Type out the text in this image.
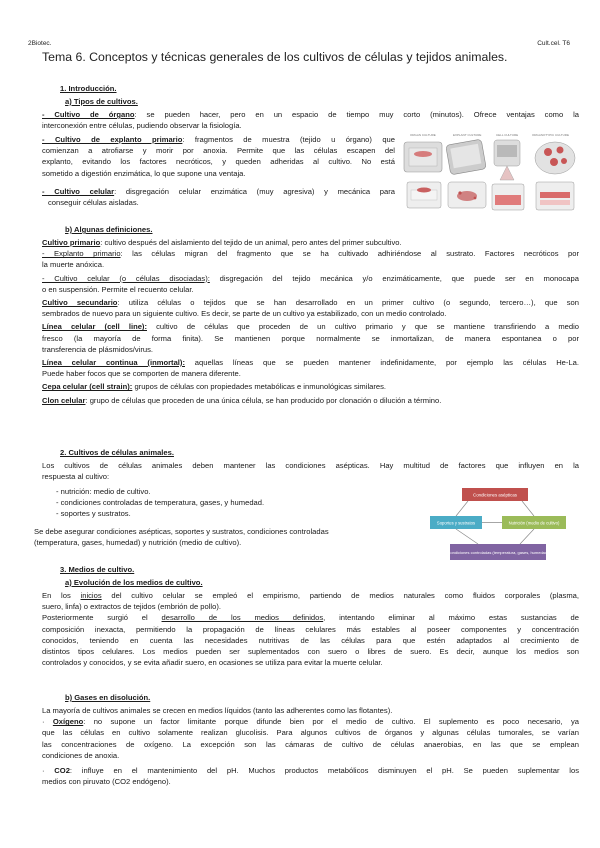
2Biotec.	Cult.cel. T6
Tema 6. Conceptos y técnicas generales de los cultivos de células y tejidos animales.
1. Introducción.
a) Tipos de cultivos.
- Cultivo de órgano: se pueden hacer, pero en un espacio de tiempo muy corto (minutos). Ofrece ventajas como la
interconexión entre células, pudiendo observar la fisiología.
- Cultivo de explanto primario: fragmentos de muestra (tejido u órgano) que
comienzan a atrofiarse y morir por anoxia. Permite que las células escapen del
explanto, evitando los factores necróticos, y queden adheridas al cultivo. No está
sometido a digestión enzimática, lo que supone una ventaja.
- Cultivo celular: disgregación celular enzimática (muy agresiva) y mecánica para
conseguir células aisladas.
ORGAN CULTURE	EXPLANT CULTURE	CELL CULTURE	ORGANOTYPIC CULTURE
b) Algunas definiciones.
Cultivo primario: cultivo después del aislamiento del tejido de un animal, pero antes del primer subcultivo.
- Explanto primario: las células migran del fragmento que se ha cultivado adhiriéndose al sustrato. Factores necróticos por
la muerte anóxica.
- Cultivo celular (o células disociadas): disgregación del tejido mecánica y/o enzimáticamente, que puede ser en monocapa
o en suspensión. Permite el recuento celular.
Cultivo secundario: utiliza células o tejidos que se han desarrollado en un primer cultivo (o segundo, tercero…), que son
sembrados de nuevo para un siguiente cultivo. Es decir, se parte de un cultivo ya estabilizado, con un medio controlado.
Línea celular (cell line): cultivo de células que proceden de un cultivo primario y que se mantiene transfiriendo a medio
fresco (la mayoría de forma finita). Se mantienen porque normalmente se inmortalizan, de manera espontanea o por
transferencia de plásmidos/virus.
Línea celular continua (inmortal): aquellas líneas que se pueden mantener indefinidamente, por ejemplo las células He-La.
Puede haber focos que se comporten de manera diferente.
Cepa celular (cell strain): grupos de células con propiedades metabólicas e inmunológicas similares.
Clon celular: grupo de células que proceden de una única célula, se han producido por clonación o dilución a término.
2. Cultivos de células animales.
Los cultivos de células animales deben mantener las condiciones asépticas. Hay multitud de factores que influyen en la
respuesta al cultivo:
- nutrición: medio de cultivo.
- condiciones controladas de temperatura, gases, y humedad.
- soportes y sustratos.
Se debe asegurar condiciones asépticas, soportes y sustratos, condiciones controladas
(temperatura, gases, humedad) y nutrición (medio de cultivo).
Condiciones asépticas
Soportes y sustratos	Nutrición (medio de cultivo)
Condiciones controladas (temperatura, gases, humedad)
3. Medios de cultivo.
a) Evolución de los medios de cultivo.
En los inicios del cultivo celular se empleó el empirismo, partiendo de medios naturales como fluidos corporales (plasma,
suero, linfa) o extractos de tejidos (embrión de pollo).
Posteriormente surgió el desarrollo de los medios definidos, intentando eliminar al máximo estas sustancias de
composición inexacta, permitiendo la propagación de líneas celulares más estables al poseer componentes y concentración
conocidos, teniendo en cuenta las necesidades nutritivas de las células para que estén adaptados al crecimiento de
distintos tipos celulares. Los medios pueden ser suplementados con suero o libres de suero. Es decir, aunque los medios son
controlados y conocidos, y se evita añadir suero, en ocasiones se utiliza para evitar la muerte celular.
b) Gases en disolución.
La mayoría de cultivos animales se crecen en medios líquidos (tanto las adherentes como las flotantes).
· Oxígeno: no supone un factor limitante porque difunde bien por el medio de cultivo. El suplemento es poco necesario, ya
que las células en cultivo solamente realizan glucolisis. Para algunos cultivos de órganos y algunas células tumorales, se varían
las concentraciones de oxígeno. La excepción son las cámaras de cultivo de células anaerobias, en las que se emplean
condiciones de anoxia.
· CO2: influye en el mantenimiento del pH. Muchos productos metabólicos disminuyen el pH. Se pueden suplementar los
medios con piruvato (CO2 endógeno).
